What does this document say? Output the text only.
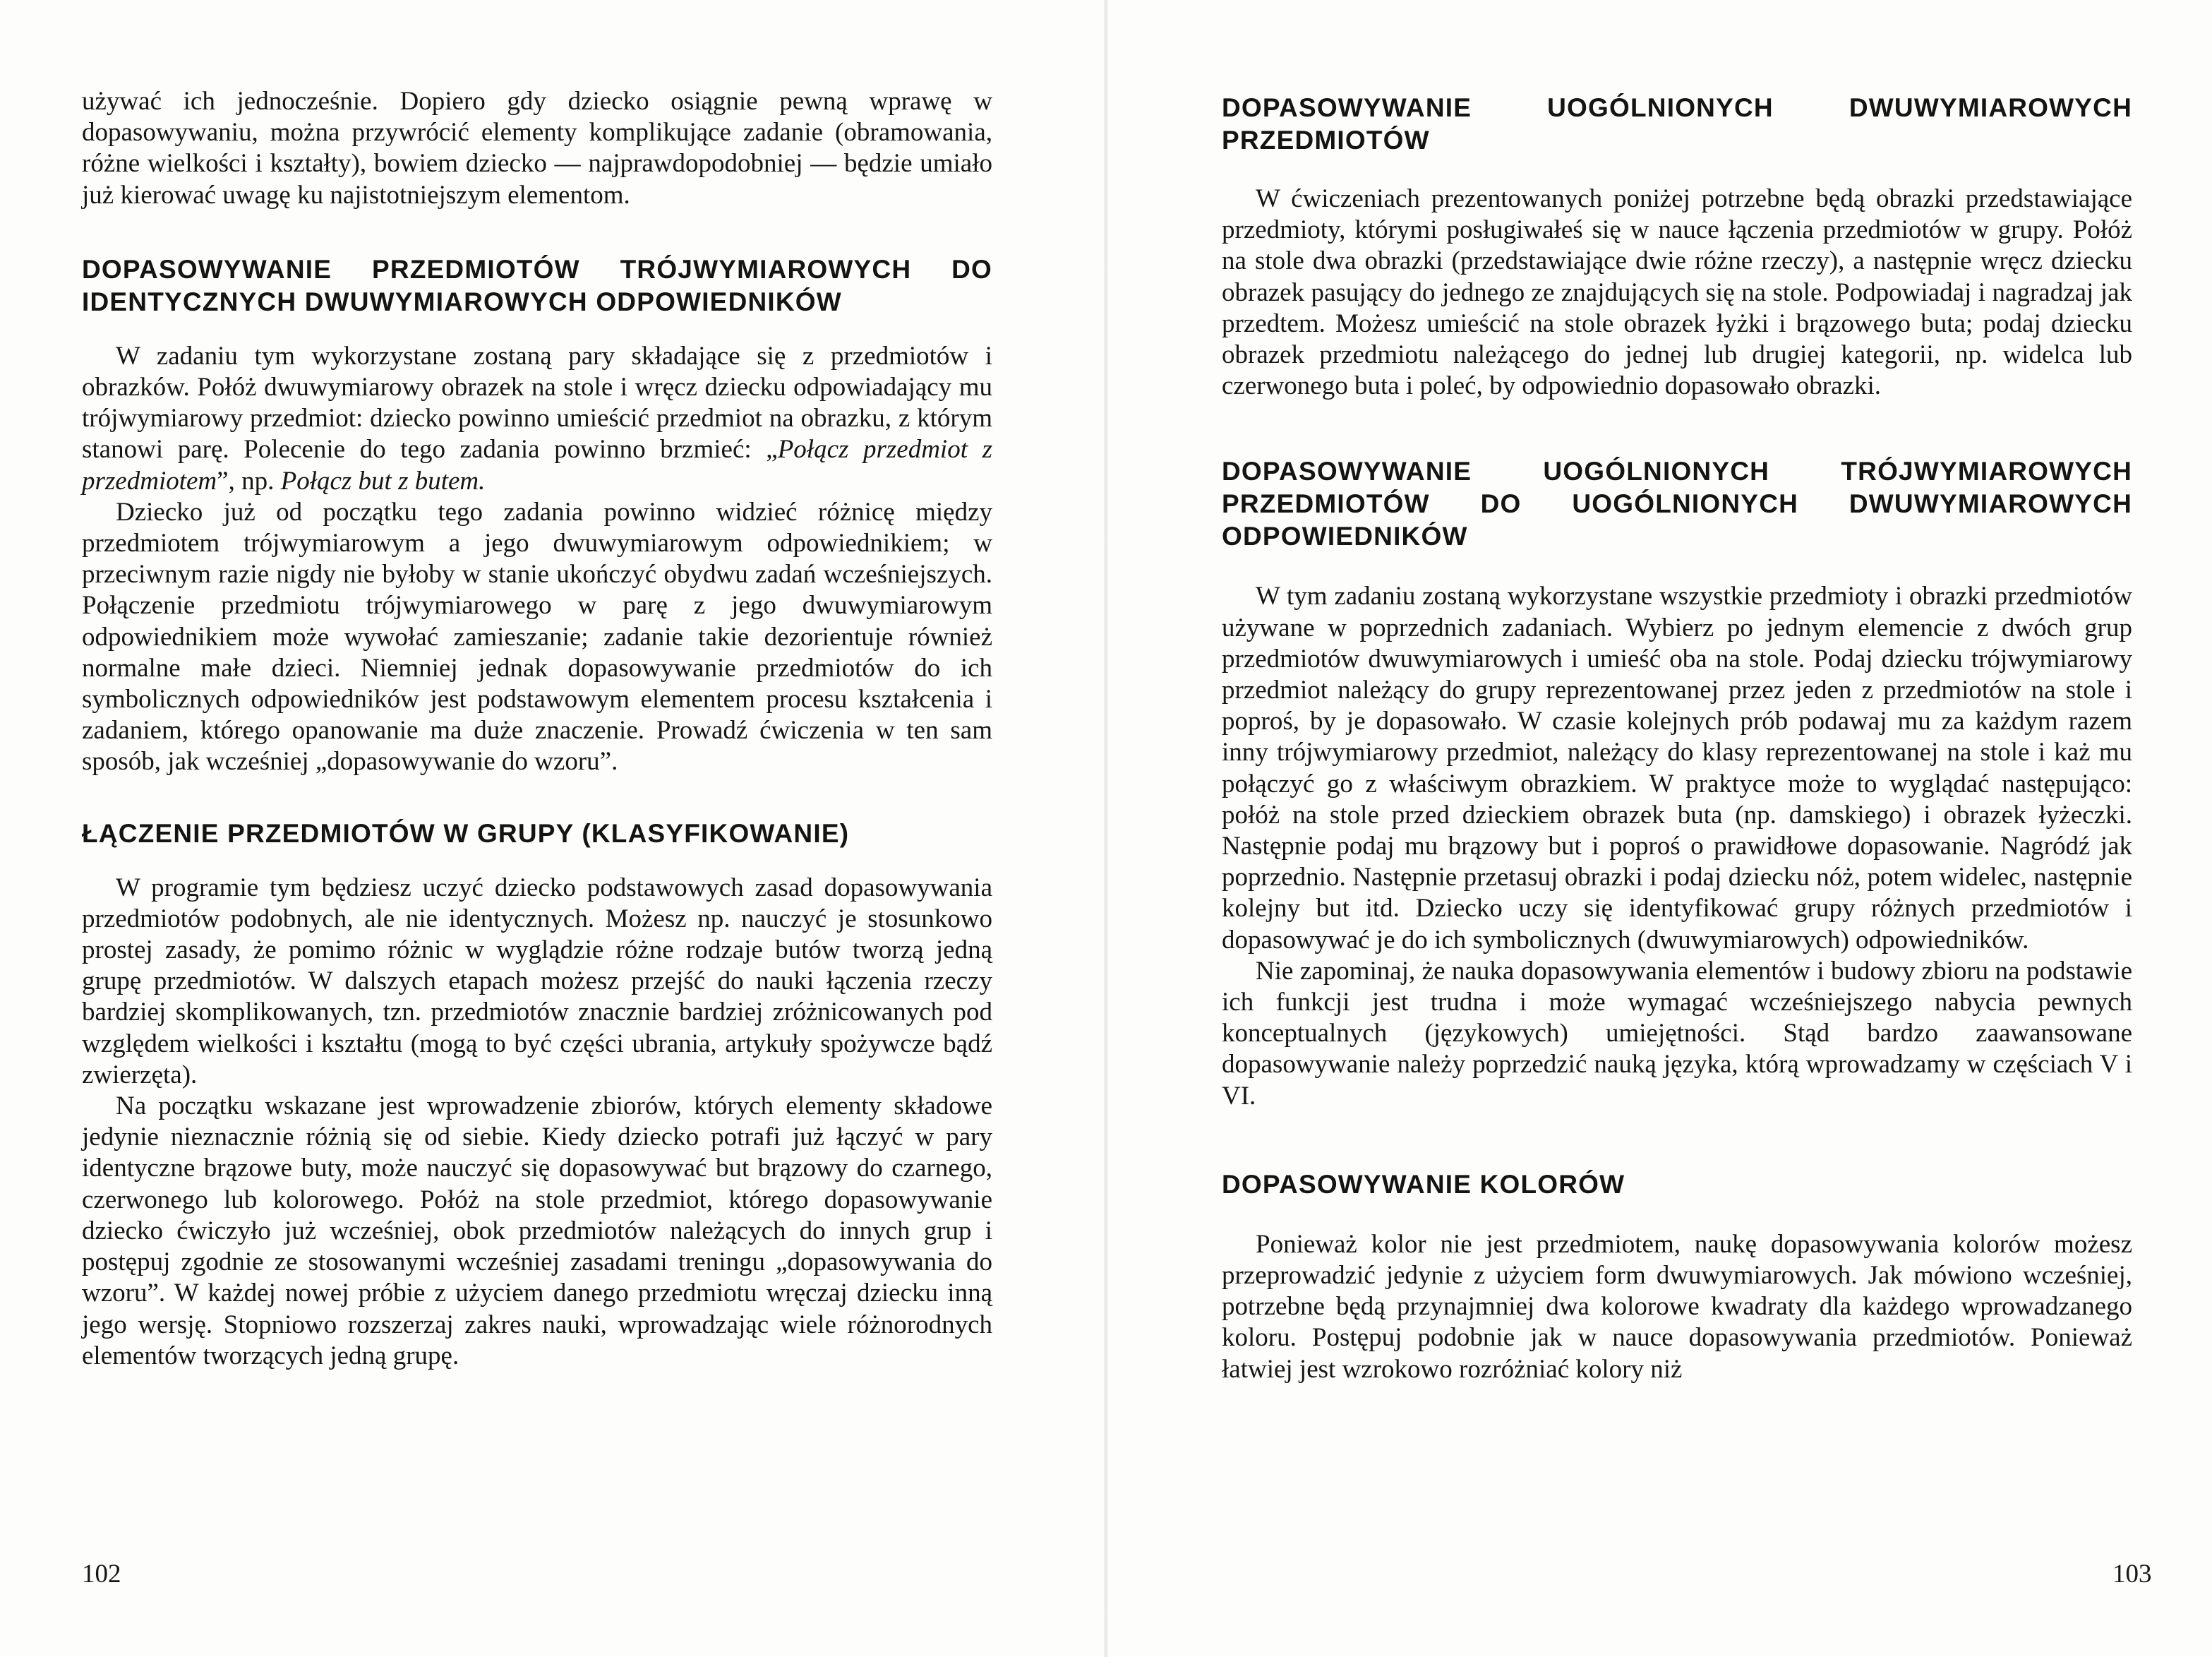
używać ich jednocześnie. Dopiero gdy dziecko osiągnie pewną wprawę w dopasowywaniu, można przywrócić elementy komplikujące zadanie (obramowania, różne wielkości i kształty), bowiem dziecko — najprawdopodobniej — będzie umiało już kierować uwagę ku najistotniejszym elementom.

DOPASOWYWANIE PRZEDMIOTÓW TRÓJWYMIAROWYCH DO IDENTYCZNYCH DWUWYMIAROWYCH ODPOWIEDNIKÓW

W zadaniu tym wykorzystane zostaną pary składające się z przedmiotów i obrazków. Połóż dwuwymiarowy obrazek na stole i wręcz dziecku odpowiadający mu trójwymiarowy przedmiot: dziecko powinno umieścić przedmiot na obrazku, z którym stanowi parę. Polecenie do tego zadania powinno brzmieć: „Połącz przedmiot z przedmiotem”, np. Połącz but z butem.

Dziecko już od początku tego zadania powinno widzieć różnicę między przedmiotem trójwymiarowym a jego dwuwymiarowym odpowiednikiem; w przeciwnym razie nigdy nie byłoby w stanie ukończyć obydwu zadań wcześniejszych. Połączenie przedmiotu trójwymiarowego w parę z jego dwuwymiarowym odpowiednikiem może wywołać zamieszanie; zadanie takie dezorientuje również normalne małe dzieci. Niemniej jednak dopasowywanie przedmiotów do ich symbolicznych odpowiedników jest podstawowym elementem procesu kształcenia i zadaniem, którego opanowanie ma duże znaczenie. Prowadź ćwiczenia w ten sam sposób, jak wcześniej „dopasowywanie do wzoru”.

ŁĄCZENIE PRZEDMIOTÓW W GRUPY (KLASYFIKOWANIE)

W programie tym będziesz uczyć dziecko podstawowych zasad dopasowywania przedmiotów podobnych, ale nie identycznych. Możesz np. nauczyć je stosunkowo prostej zasady, że pomimo różnic w wyglądzie różne rodzaje butów tworzą jedną grupę przedmiotów. W dalszych etapach możesz przejść do nauki łączenia rzeczy bardziej skomplikowanych, tzn. przedmiotów znacznie bardziej zróżnicowanych pod względem wielkości i kształtu (mogą to być części ubrania, artykuły spożywcze bądź zwierzęta).

Na początku wskazane jest wprowadzenie zbiorów, których elementy składowe jedynie nieznacznie różnią się od siebie. Kiedy dziecko potrafi już łączyć w pary identyczne brązowe buty, może nauczyć się dopasowywać but brązowy do czarnego, czerwonego lub kolorowego. Połóż na stole przedmiot, którego dopasowywanie dziecko ćwiczyło już wcześniej, obok przedmiotów należących do innych grup i postępuj zgodnie ze stosowanymi wcześniej zasadami treningu „dopasowywania do wzoru”. W każdej nowej próbie z użyciem danego przedmiotu wręczaj dziecku inną jego wersję. Stopniowo rozszerzaj zakres nauki, wprowadzając wiele różnorodnych elementów tworzących jedną grupę.

102
DOPASOWYWANIE UOGÓLNIONYCH DWUWYMIAROWYCH PRZEDMIOTÓW

W ćwiczeniach prezentowanych poniżej potrzebne będą obrazki przedstawiające przedmioty, którymi posługiwałeś się w nauce łączenia przedmiotów w grupy. Połóż na stole dwa obrazki (przedstawiające dwie różne rzeczy), a następnie wręcz dziecku obrazek pasujący do jednego ze znajdujących się na stole. Podpowiadaj i nagradzaj jak przedtem. Możesz umieścić na stole obrazek łyżki i brązowego buta; podaj dziecku obrazek przedmiotu należącego do jednej lub drugiej kategorii, np. widelca lub czerwonego buta i poleć, by odpowiednio dopasowało obrazki.

DOPASOWYWANIE UOGÓLNIONYCH TRÓJWYMIAROWYCH PRZEDMIOTÓW DO UOGÓLNIONYCH DWUWYMIAROWYCH ODPOWIEDNIKÓW

W tym zadaniu zostaną wykorzystane wszystkie przedmioty i obrazki przedmiotów używane w poprzednich zadaniach. Wybierz po jednym elemencie z dwóch grup przedmiotów dwuwymiarowych i umieść oba na stole. Podaj dziecku trójwymiarowy przedmiot należący do grupy reprezentowanej przez jeden z przedmiotów na stole i poproś, by je dopasowało. W czasie kolejnych prób podawaj mu za każdym razem inny trójwymiarowy przedmiot, należący do klasy reprezentowanej na stole i każ mu połączyć go z właściwym obrazkiem. W praktyce może to wyglądać następująco: połóż na stole przed dzieckiem obrazek buta (np. damskiego) i obrazek łyżeczki. Następnie podaj mu brązowy but i poproś o prawidłowe dopasowanie. Nagródź jak poprzednio. Następnie przetasuj obrazki i podaj dziecku nóż, potem widelec, następnie kolejny but itd. Dziecko uczy się identyfikować grupy różnych przedmiotów i dopasowywać je do ich symbolicznych (dwuwymiarowych) odpowiedników.

Nie zapominaj, że nauka dopasowywania elementów i budowy zbioru na podstawie ich funkcji jest trudna i może wymagać wcześniejszego nabycia pewnych konceptualnych (językowych) umiejętności. Stąd bardzo zaawansowane dopasowywanie należy poprzedzić nauką języka, którą wprowadzamy w częściach V i VI.

DOPASOWYWANIE KOLORÓW

Ponieważ kolor nie jest przedmiotem, naukę dopasowywania kolorów możesz przeprowadzić jedynie z użyciem form dwuwymiarowych. Jak mówiono wcześniej, potrzebne będą przynajmniej dwa kolorowe kwadraty dla każdego wprowadzanego koloru. Postępuj podobnie jak w nauce dopasowywania przedmiotów. Ponieważ łatwiej jest wzrokowo rozróżniać kolory niż

103
